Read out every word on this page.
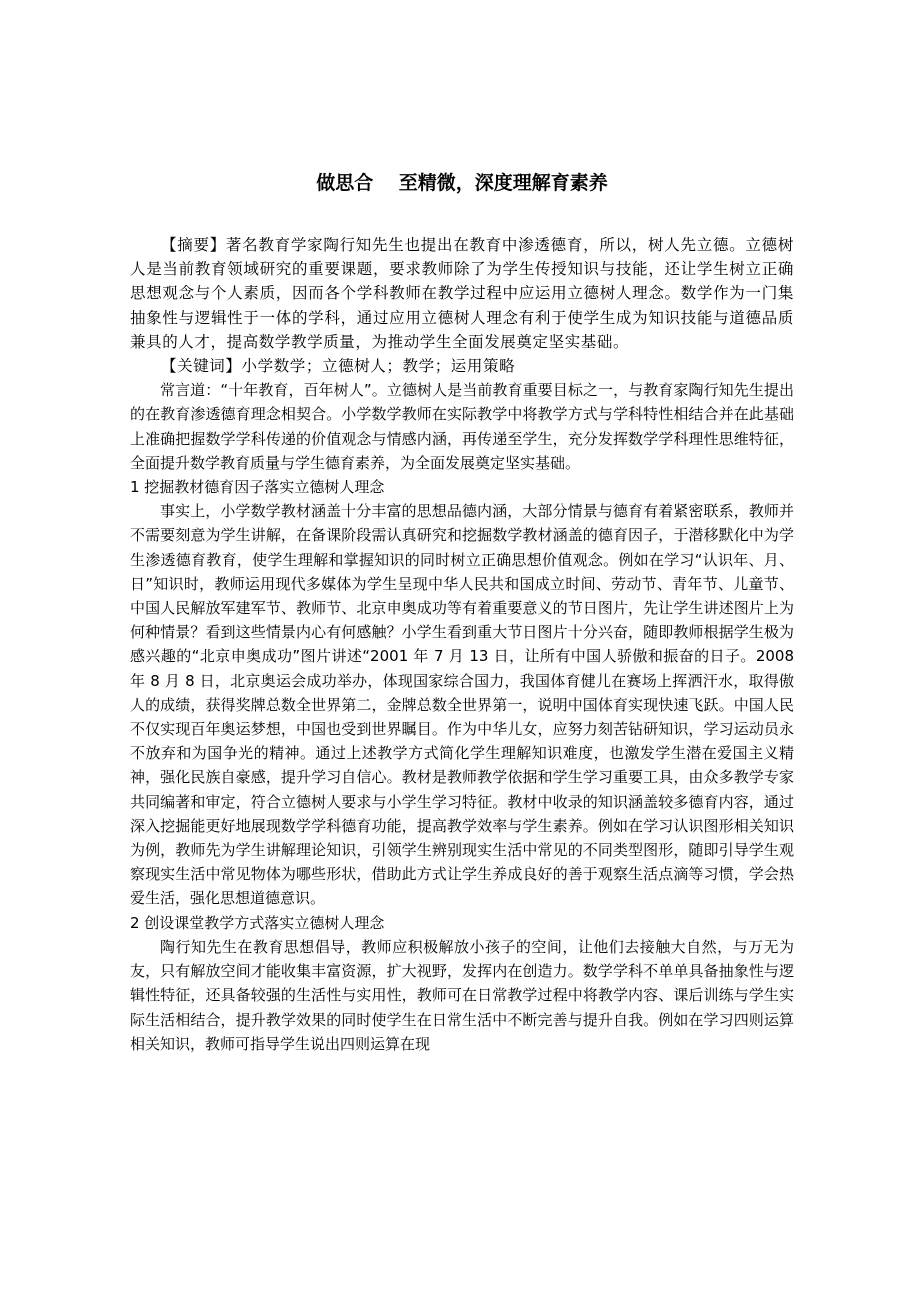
做思合　 至精微，深度理解育素养

【摘要】著名教育学家陶行知先生也提出在教育中渗透德育，所以，树人先立德。立德树人是当前教育领域研究的重要课题，要求教师除了为学生传授知识与技能，还让学生树立正确思想观念与个人素质，因而各个学科教师在教学过程中应运用立德树人理念。数学作为一门集抽象性与逻辑性于一体的学科，通过应用立德树人理念有利于使学生成为知识技能与道德品质兼具的人才，提高数学教学质量，为推动学生全面发展奠定坚实基础。

【关键词】小学数学；立德树人；教学；运用策略

常言道：“十年教育，百年树人”。立德树人是当前教育重要目标之一，与教育家陶行知先生提出的在教育渗透德育理念相契合。小学数学教师在实际教学中将教学方式与学科特性相结合并在此基础上准确把握数学学科传递的价值观念与情感内涵，再传递至学生，充分发挥数学学科理性思维特征，全面提升数学教育质量与学生德育素养，为全面发展奠定坚实基础。

1 挖掘教材德育因子落实立德树人理念

事实上，小学数学教材涵盖十分丰富的思想品德内涵，大部分情景与德育有着紧密联系，教师并不需要刻意为学生讲解，在备课阶段需认真研究和挖掘数学教材涵盖的德育因子，于潜移默化中为学生渗透德育教育，使学生理解和掌握知识的同时树立正确思想价值观念。例如在学习“认识年、月、日”知识时，教师运用现代多媒体为学生呈现中华人民共和国成立时间、劳动节、青年节、儿童节、中国人民解放军建军节、教师节、北京申奥成功等有着重要意义的节日图片，先让学生讲述图片上为何种情景？看到这些情景内心有何感触？小学生看到重大节日图片十分兴奋，随即教师根据学生极为感兴趣的“北京申奥成功”图片讲述“2001 年 7 月 13 日，让所有中国人骄傲和振奋的日子。2008 年 8 月 8 日，北京奥运会成功举办，体现国家综合国力，我国体育健儿在赛场上挥洒汗水，取得傲人的成绩，获得奖牌总数全世界第二，金牌总数全世界第一，说明中国体育实现快速飞跃。中国人民不仅实现百年奥运梦想，中国也受到世界瞩目。作为中华儿女，应努力刻苦钻研知识，学习运动员永不放弃和为国争光的精神。通过上述教学方式简化学生理解知识难度，也激发学生潜在爱国主义精神，强化民族自豪感，提升学习自信心。教材是教师教学依据和学生学习重要工具，由众多教学专家共同编著和审定，符合立德树人要求与小学生学习特征。教材中收录的知识涵盖较多德育内容，通过深入挖掘能更好地展现数学学科德育功能，提高教学效率与学生素养。例如在学习认识图形相关知识为例，教师先为学生讲解理论知识，引领学生辨别现实生活中常见的不同类型图形，随即引导学生观察现实生活中常见物体为哪些形状，借助此方式让学生养成良好的善于观察生活点滴等习惯，学会热爱生活，强化思想道德意识。

2 创设课堂教学方式落实立德树人理念

陶行知先生在教育思想倡导，教师应积极解放小孩子的空间，让他们去接触大自然，与万无为友，只有解放空间才能收集丰富资源，扩大视野，发挥内在创造力。数学学科不单单具备抽象性与逻辑性特征，还具备较强的生活性与实用性，教师可在日常教学过程中将教学内容、课后训练与学生实际生活相结合，提升教学效果的同时使学生在日常生活中不断完善与提升自我。例如在学习四则运算相关知识，教师可指导学生说出四则运算在现
